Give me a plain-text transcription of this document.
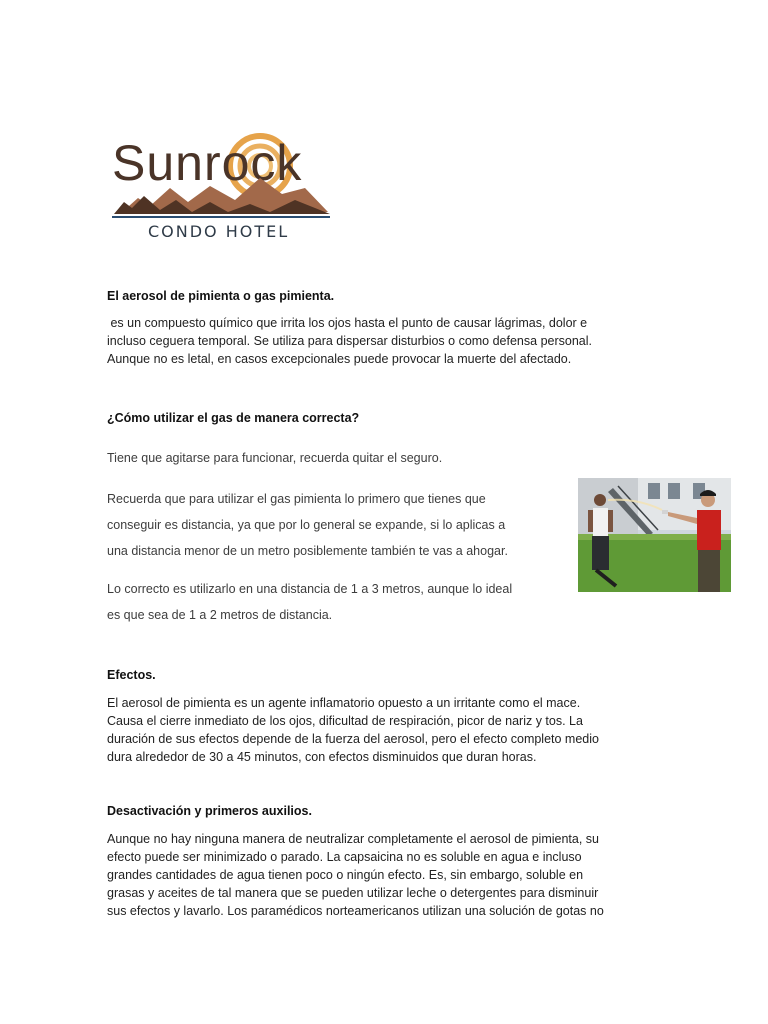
Sunrock
CONDO HOTEL
El aerosol de pimienta o gas pimienta.
es un compuesto químico que irrita los ojos hasta el punto de causar lágrimas, dolor e
incluso ceguera temporal. Se utiliza para dispersar disturbios o como defensa personal.
Aunque no es letal, en casos excepcionales puede provocar la muerte del afectado.
¿Cómo utilizar el gas de manera correcta?
Tiene que agitarse para funcionar, recuerda quitar el seguro.
Recuerda que para utilizar el gas pimienta lo primero que tienes que
conseguir es distancia, ya que por lo general se expande, si lo aplicas a
una distancia menor de un metro posiblemente también te vas a ahogar.
Lo correcto es utilizarlo en una distancia de 1 a 3 metros, aunque lo ideal
es que sea de 1 a 2 metros de distancia.
Efectos.
El aerosol de pimienta es un agente inflamatorio opuesto a un irritante como el mace.
Causa el cierre inmediato de los ojos, dificultad de respiración, picor de nariz y tos. La
duración de sus efectos depende de la fuerza del aerosol, pero el efecto completo medio
dura alrededor de 30 a 45 minutos, con efectos disminuidos que duran horas.
Desactivación y primeros auxilios.
Aunque no hay ninguna manera de neutralizar completamente el aerosol de pimienta, su
efecto puede ser minimizado o parado. La capsaicina no es soluble en agua e incluso
grandes cantidades de agua tienen poco o ningún efecto. Es, sin embargo, soluble en
grasas y aceites de tal manera que se pueden utilizar leche o detergentes para disminuir
sus efectos y lavarlo. Los paramédicos norteamericanos utilizan una solución de gotas no
